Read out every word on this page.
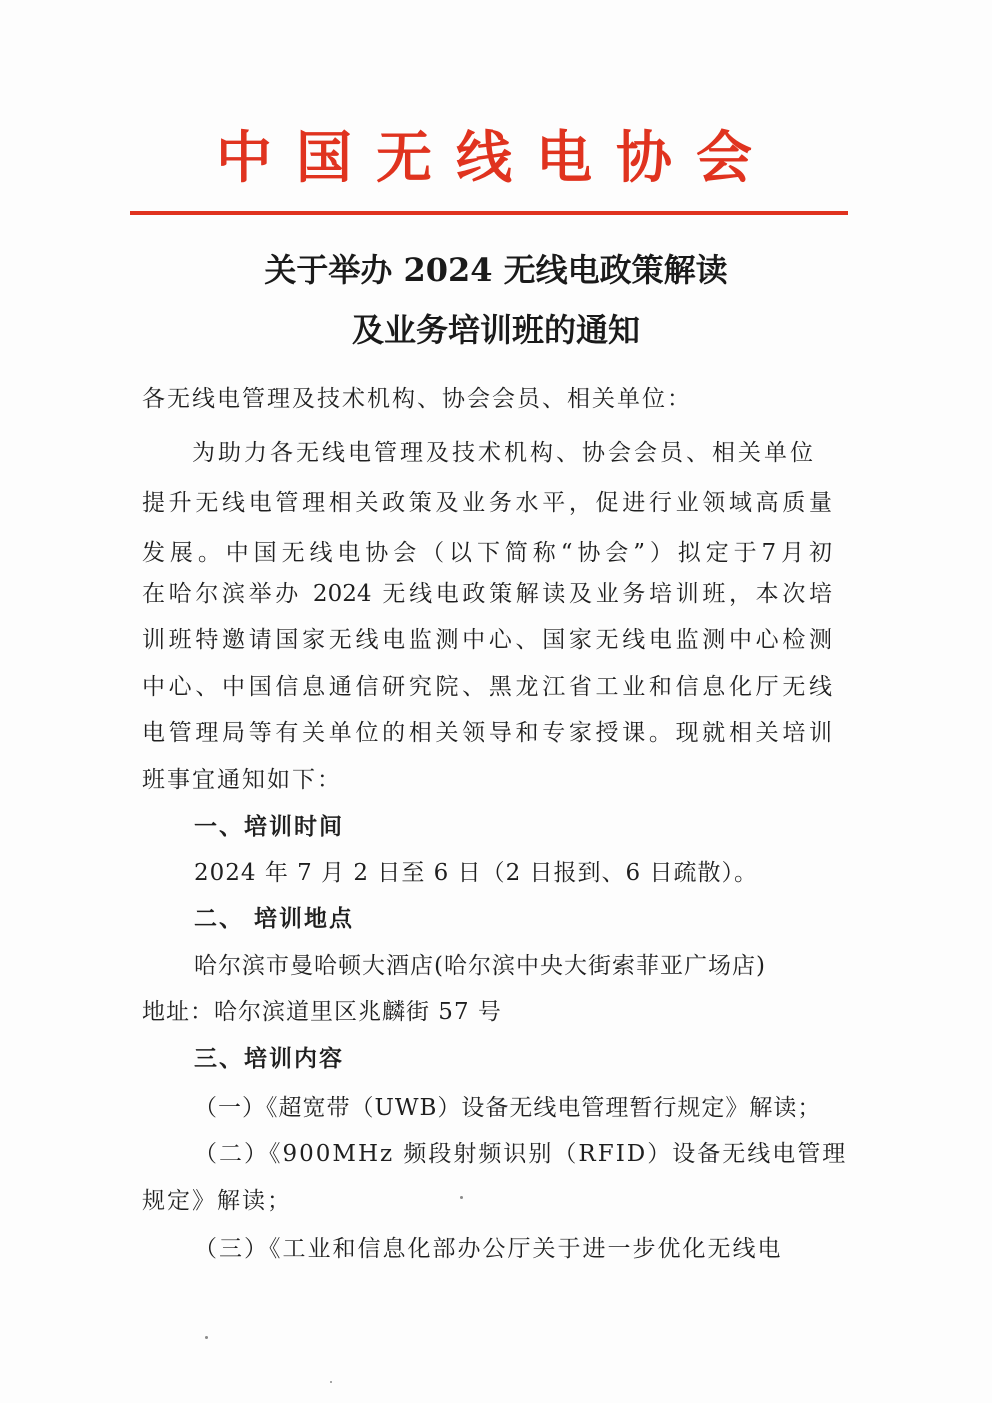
中国无线电协会
关于举办 2024 无线电政策解读
及业务培训班的通知
各无线电管理及技术机构、协会会员、相关单位：
为助力各无线电管理及技术机构、协会会员、相关单位
提升无线电管理相关政策及业务水平，促进行业领域高质量
发展。中国无线电协会（以下简称“协会”）拟定于7月初
在哈尔滨举办 2024 无线电政策解读及业务培训班，本次培
训班特邀请国家无线电监测中心、国家无线电监测中心检测
中心、中国信息通信研究院、黑龙江省工业和信息化厅无线
电管理局等有关单位的相关领导和专家授课。现就相关培训
班事宜通知如下：
一、培训时间
2024 年 7 月 2 日至 6 日（2 日报到、6 日疏散）。
二、 培训地点
哈尔滨市曼哈顿大酒店(哈尔滨中央大街索菲亚广场店)
地址：哈尔滨道里区兆麟街 57 号
三、培训内容
（一）《超宽带（UWB）设备无线电管理暂行规定》解读；
（二）《900MHz 频段射频识别（RFID）设备无线电管理
规定》解读；
（三）《工业和信息化部办公厅关于进一步优化无线电
